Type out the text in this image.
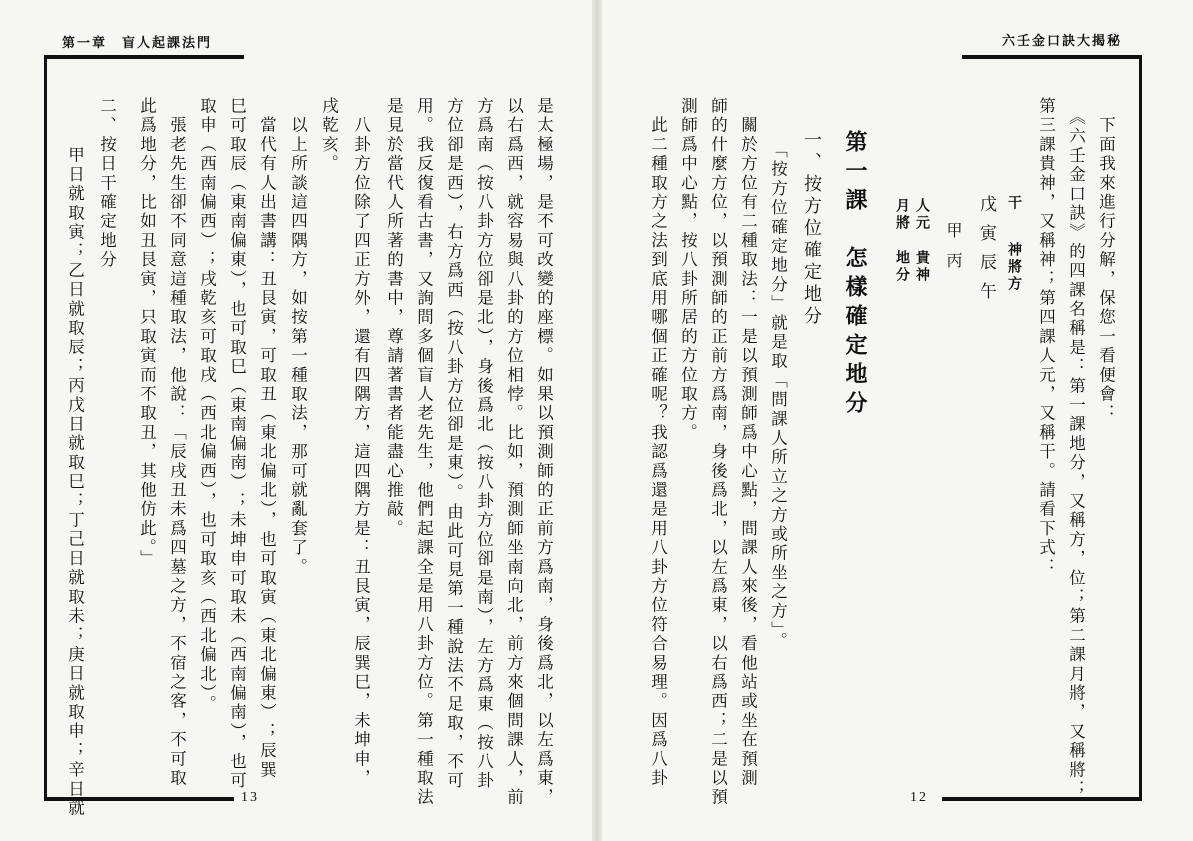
第一章　盲人起課法門
13	是太極場，是不可改變的座標。如果以預測師的正前方爲南，身後爲北，以左爲東，
以右爲西，就容易與八卦的方位相悖。比如，預測師坐南向北，前方來個問課人，前
方爲南（按八卦方位卻是北），身後爲北（按八卦方位卻是南），左方爲東（按八卦
方位卻是西），右方爲西（按八卦方位卻是東）。由此可見第一種說法不足取，不可
用。我反復看古書，又詢問多個盲人老先生，他們起課全是用八卦方位。第一種取法
是見於當代人所著的書中，尊請著書者能盡心推敲。
　八卦方位除了四正方外，還有四隅方，這四隅方是：丑艮寅，辰巽巳，未坤申，
戌乾亥。
　以上所談這四隅方，如按第一種取法，那可就亂套了。
　當代有人出書講：丑艮寅，可取丑（東北偏北），也可取寅（東北偏東）；辰巽
巳可取辰（東南偏東），也可取巳（東南偏南）；未坤申可取未（西南偏南），也可
取申（西南偏西）；戌乾亥可取戌（西北偏西），也可取亥（西北偏北）。
　張老先生卻不同意這種取法，他說：「辰戌丑未爲四墓之方，不宿之客，不可取
此爲地分，比如丑艮寅，只取寅而不取丑，其他仿此。」
二、按日干確定地分
　甲日就取寅；乙日就取辰；丙戊日就取巳；丁己日就取未；庚日就取申；辛日就
六壬金口訣大揭秘
12
　下面我來進行分解，保您一看便會：
　《六壬金口訣》的四課名稱是：第一課地分，又稱方，位；第二課月將，又稱將；
第三課貴神，又稱神；第四課人元，又稱干。請看下式：
干神將方
戊寅辰午
甲丙
人元
貴神
月將
地分
第一課　怎樣確定地分
一、按方位確定地分
　「按方位確定地分」就是取「問課人所立之方或所坐之方」。
　關於方位有二種取法：一是以預測師爲中心點，問課人來後，看他站或坐在預測
師的什麼方位，以預測師的正前方爲南，身後爲北，以左爲東，以右爲西；二是以預
測師爲中心點，按八卦所居的方位取方。
　此二種取方之法到底用哪個正確呢？我認爲還是用八卦方位符合易理。因爲八卦
